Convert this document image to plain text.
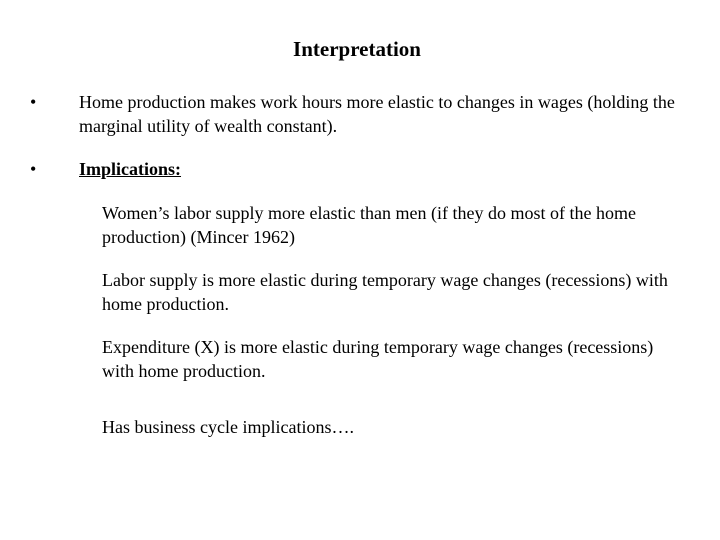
Interpretation
• Home production makes work hours more elastic to changes in wages (holding the marginal utility of wealth constant).
• Implications:
Women’s labor supply more elastic than men (if they do most of the home production) (Mincer 1962)
Labor supply is more elastic during temporary wage changes (recessions) with home production.
Expenditure (X) is more elastic during temporary wage changes (recessions) with home production.
Has business cycle implications….
